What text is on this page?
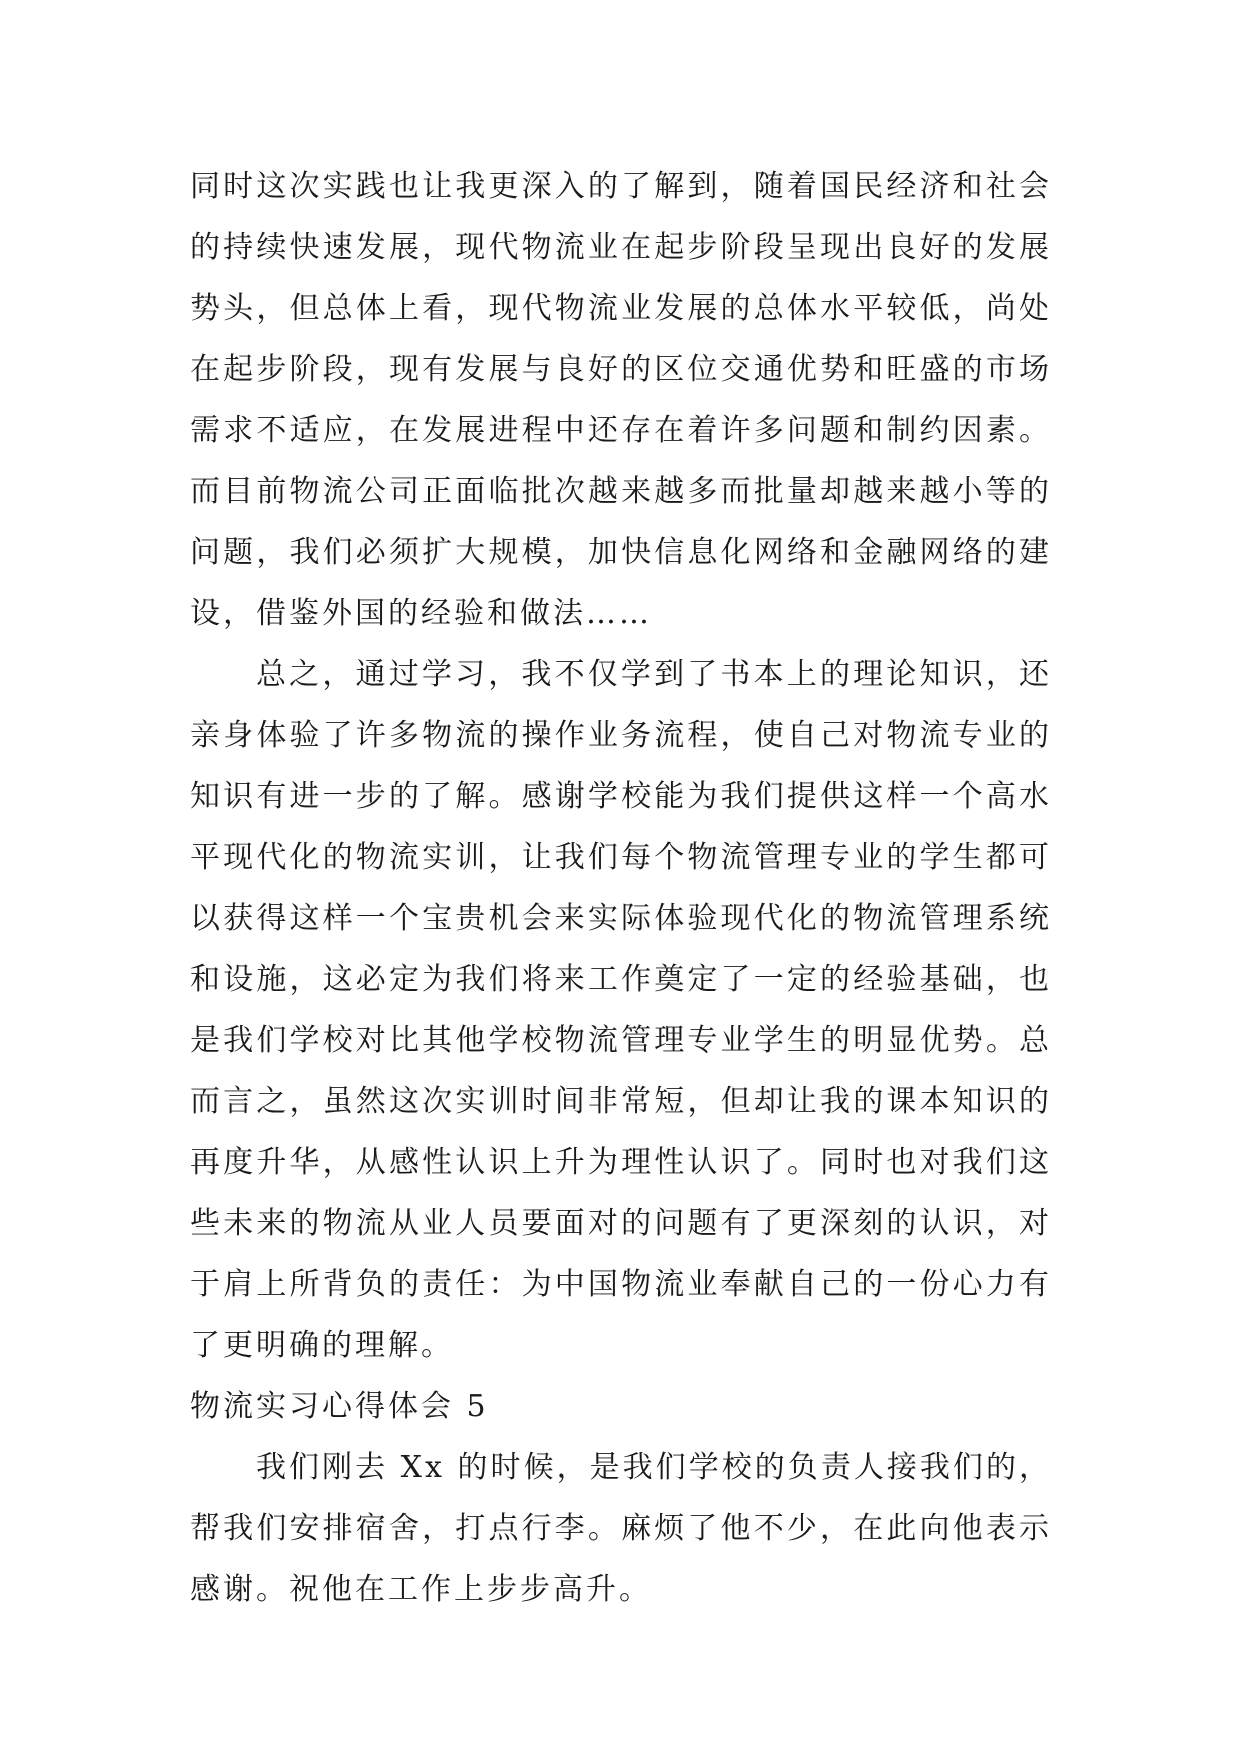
同时这次实践也让我更深入的了解到，随着国民经济和社会的持续快速发展，现代物流业在起步阶段呈现出良好的发展势头，但总体上看，现代物流业发展的总体水平较低，尚处在起步阶段，现有发展与良好的区位交通优势和旺盛的市场需求不适应，在发展进程中还存在着许多问题和制约因素。而目前物流公司正面临批次越来越多而批量却越来越小等的问题，我们必须扩大规模，加快信息化网络和金融网络的建设，借鉴外国的经验和做法……

总之，通过学习，我不仅学到了书本上的理论知识，还亲身体验了许多物流的操作业务流程，使自己对物流专业的知识有进一步的了解。感谢学校能为我们提供这样一个高水平现代化的物流实训，让我们每个物流管理专业的学生都可以获得这样一个宝贵机会来实际体验现代化的物流管理系统和设施，这必定为我们将来工作奠定了一定的经验基础，也是我们学校对比其他学校物流管理专业学生的明显优势。总而言之，虽然这次实训时间非常短，但却让我的课本知识的再度升华，从感性认识上升为理性认识了。同时也对我们这些未来的物流从业人员要面对的问题有了更深刻的认识，对于肩上所背负的责任：为中国物流业奉献自己的一份心力有了更明确的理解。

物流实习心得体会 5

我们刚去 Xx 的时候，是我们学校的负责人接我们的，帮我们安排宿舍，打点行李。麻烦了他不少，在此向他表示感谢。祝他在工作上步步高升。
